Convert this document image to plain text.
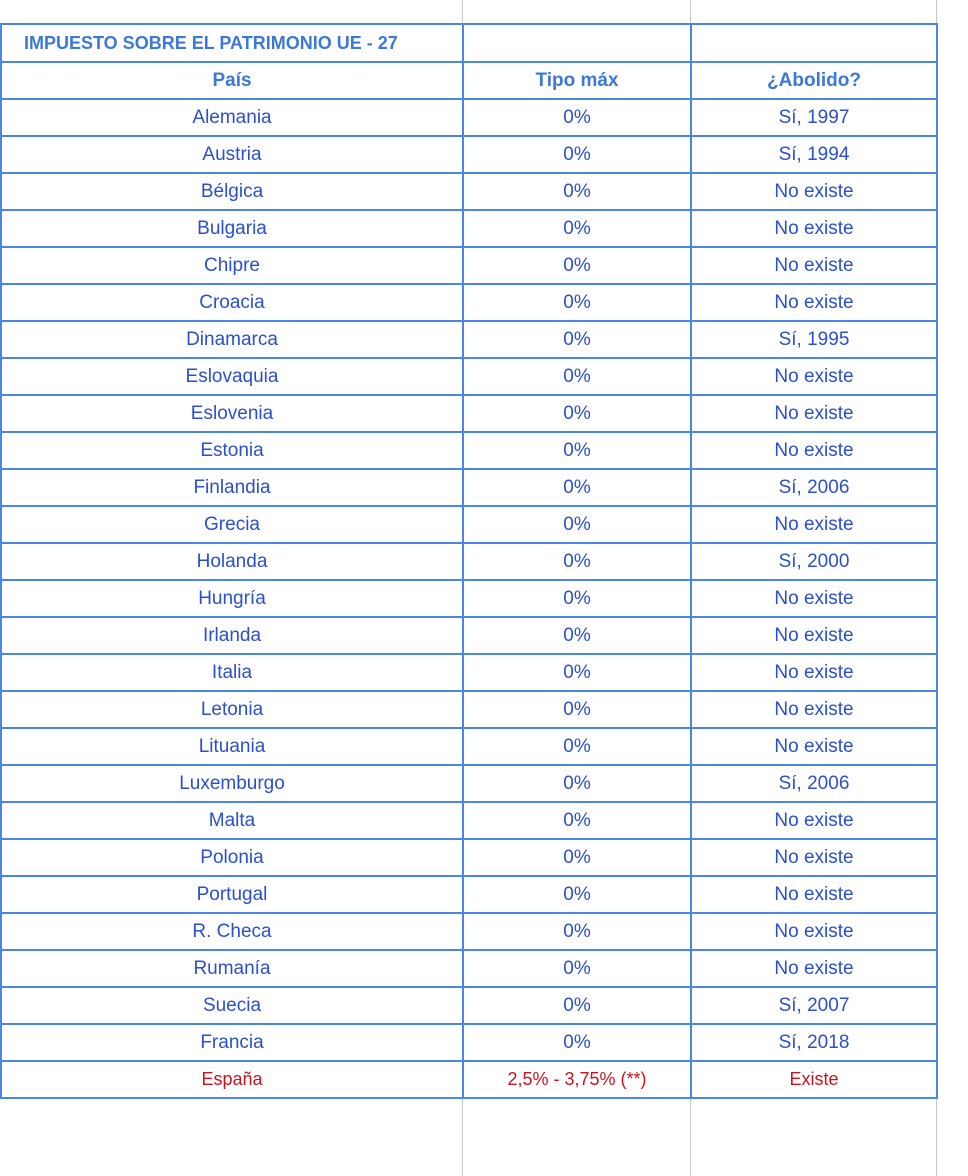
IMPUESTO SOBRE EL PATRIMONIO UE - 27		
País	Tipo máx	¿Abolido?
Alemania	0%	Sí, 1997
Austria	0%	Sí, 1994
Bélgica	0%	No existe
Bulgaria	0%	No existe
Chipre	0%	No existe
Croacia	0%	No existe
Dinamarca	0%	Sí, 1995
Eslovaquia	0%	No existe
Eslovenia	0%	No existe
Estonia	0%	No existe
Finlandia	0%	Sí, 2006
Grecia	0%	No existe
Holanda	0%	Sí, 2000
Hungría	0%	No existe
Irlanda	0%	No existe
Italia	0%	No existe
Letonia	0%	No existe
Lituania	0%	No existe
Luxemburgo	0%	Sí, 2006
Malta	0%	No existe
Polonia	0%	No existe
Portugal	0%	No existe
R. Checa	0%	No existe
Rumanía	0%	No existe
Suecia	0%	Sí, 2007
Francia	0%	Sí, 2018
España	2,5% - 3,75% (**)	Existe
